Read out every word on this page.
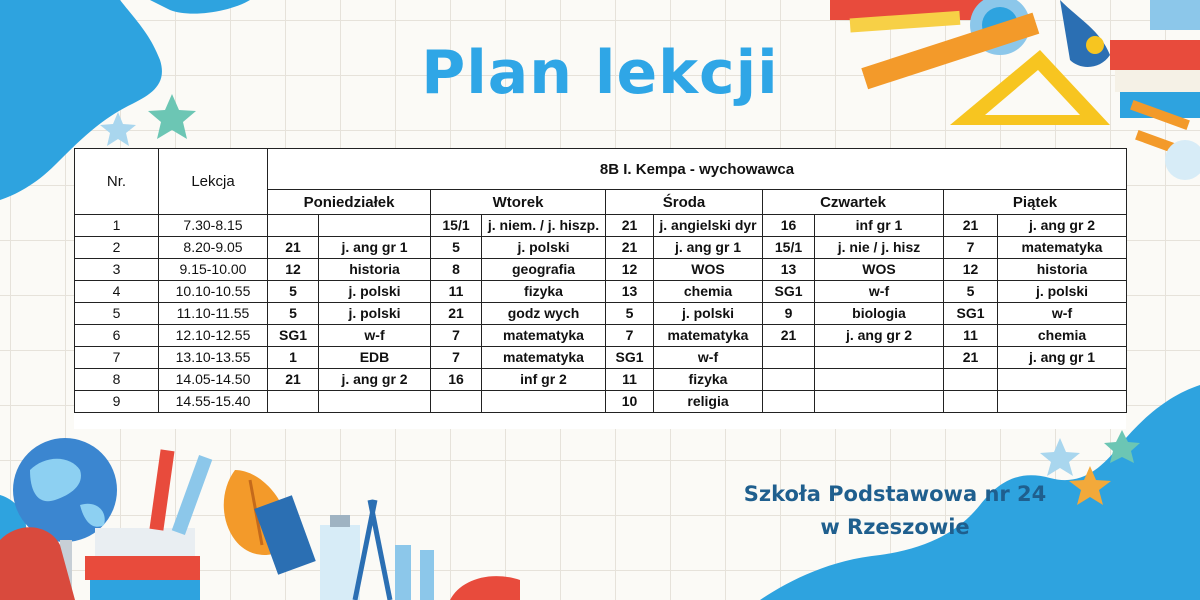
Plan lekcji
Nr.	Lekcja	8B I. Kempa - wychowawca									
		Poniedziałek		Wtorek		Środa		Czwartek		Piątek	
1	7.30-8.15			15/1	j. niem. / j. hiszp.	21	j. angielski dyr	16	inf gr 1	21	j. ang gr 2
2	8.20-9.05	21	j. ang gr 1	5	j. polski	21	j. ang gr 1	15/1	j. nie / j. hisz	7	matematyka
3	9.15-10.00	12	historia	8	geografia	12	WOS	13	WOS	12	historia
4	10.10-10.55	5	j. polski	11	fizyka	13	chemia	SG1	w-f	5	j. polski
5	11.10-11.55	5	j. polski	21	godz wych	5	j. polski	9	biologia	SG1	w-f
6	12.10-12.55	SG1	w-f	7	matematyka	7	matematyka	21	j. ang gr 2	11	chemia
7	13.10-13.55	1	EDB	7	matematyka	SG1	w-f			21	j. ang gr 1
8	14.05-14.50	21	j. ang gr 2	16	inf gr 2	11	fizyka				
9	14.55-15.40					10	religia				
Szkoła Podstawowa nr 24
w Rzeszowie
